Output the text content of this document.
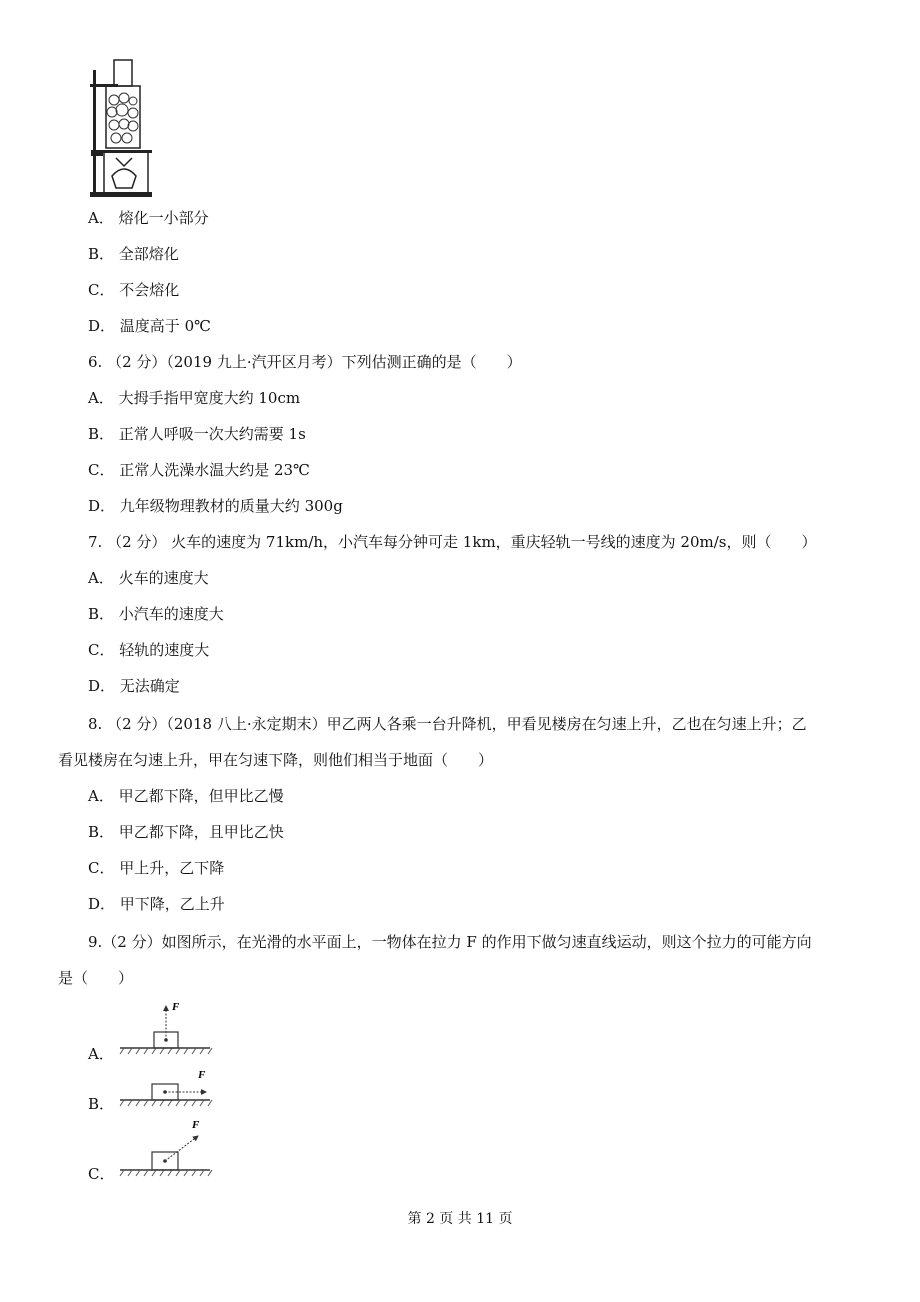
A． 熔化一小部分
B． 全部熔化
C． 不会熔化
D． 温度高于 0℃
6. （2 分）（2019 九上·汽开区月考）下列估测正确的是（　　）
A． 大拇手指甲宽度大约 10cm
B． 正常人呼吸一次大约需要 1s
C． 正常人洗澡水温大约是 23℃
D． 九年级物理教材的质量大约 300g
7. （2 分） 火车的速度为 71km/h，小汽车每分钟可走 1km，重庆轻轨一号线的速度为 20m/s，则（　　）
A． 火车的速度大
B． 小汽车的速度大
C． 轻轨的速度大
D． 无法确定
8. （2 分）（2018 八上·永定期末）甲乙两人各乘一台升降机，甲看见楼房在匀速上升，乙也在匀速上升；乙
看见楼房在匀速上升，甲在匀速下降，则他们相当于地面（　　）
A． 甲乙都下降，但甲比乙慢
B． 甲乙都下降，且甲比乙快
C． 甲上升，乙下降
D． 甲下降，乙上升
9.（2 分）如图所示，在光滑的水平面上，一物体在拉力 F 的作用下做匀速直线运动，则这个拉力的可能方向
是（　　）
A．
F
B．
F
C．
F
第 2 页 共 11 页
